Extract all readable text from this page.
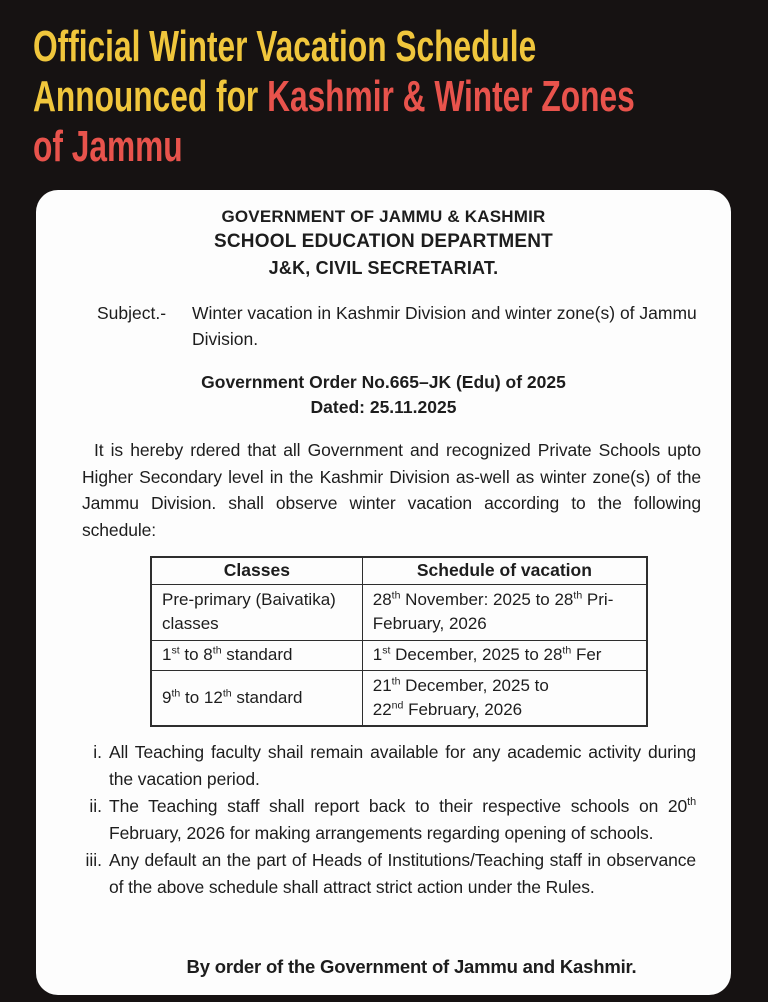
Official Winter Vacation Schedule
Announced for Kashmir & Winter Zones
of Jammu
GOVERNMENT OF JAMMU & KASHMIR
SCHOOL EDUCATION DEPARTMENT
J&K, CIVIL SECRETARIAT.
Subject.-	Winter vacation in Kashmir Division and winter zone(s) of Jammu Division.
Government Order No.665–JK (Edu) of 2025
Dated: 25.11.2025
It is hereby rdered that all Government and recognized Private Schools upto Higher Secondary level in the Kashmir Division as-well as winter zone(s) of the Jammu Division. shall observe winter vacation according to the following schedule:
Classes	Schedule of vacation
Pre-primary (Baivatika) classes	28th November: 2025 to 28th Pri-February, 2026
1st to 8th standard	1st December, 2025 to 28th Fer
9th to 12th standard	21th December, 2025 to
22nd February, 2026
i. All Teaching faculty shail remain available for any academic activity during the vacation period.
ii. The Teaching staff shall report back to their respective schools on 20th February, 2026 for making arrangements regarding opening of schools.
iii. Any default an the part of Heads of Institutions/Teaching staff in observance of the above schedule shall attract strict action under the Rules.
By order of the Government of Jammu and Kashmir.
